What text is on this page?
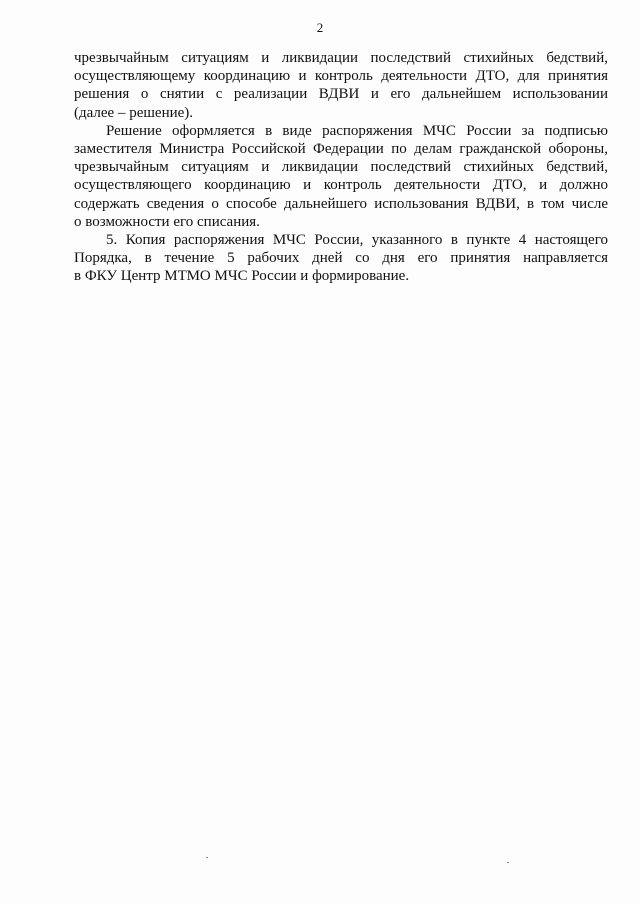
2

чрезвычайным ситуациям и ликвидации последствий стихийных бедствий,
осуществляющему координацию и контроль деятельности ДТО, для принятия
решения о снятии с реализации ВДВИ и его дальнейшем использовании
(далее – решение).

Решение оформляется в виде распоряжения МЧС России за подписью
заместителя Министра Российской Федерации по делам гражданской обороны,
чрезвычайным ситуациям и ликвидации последствий стихийных бедствий,
осуществляющего координацию и контроль деятельности ДТО, и должно
содержать сведения о способе дальнейшего использования ВДВИ, в том числе
о возможности его списания.

5. Копия распоряжения МЧС России, указанного в пункте 4 настоящего
Порядка, в течение 5 рабочих дней со дня его принятия направляется
в ФКУ Центр МТМО МЧС России и формирование.
